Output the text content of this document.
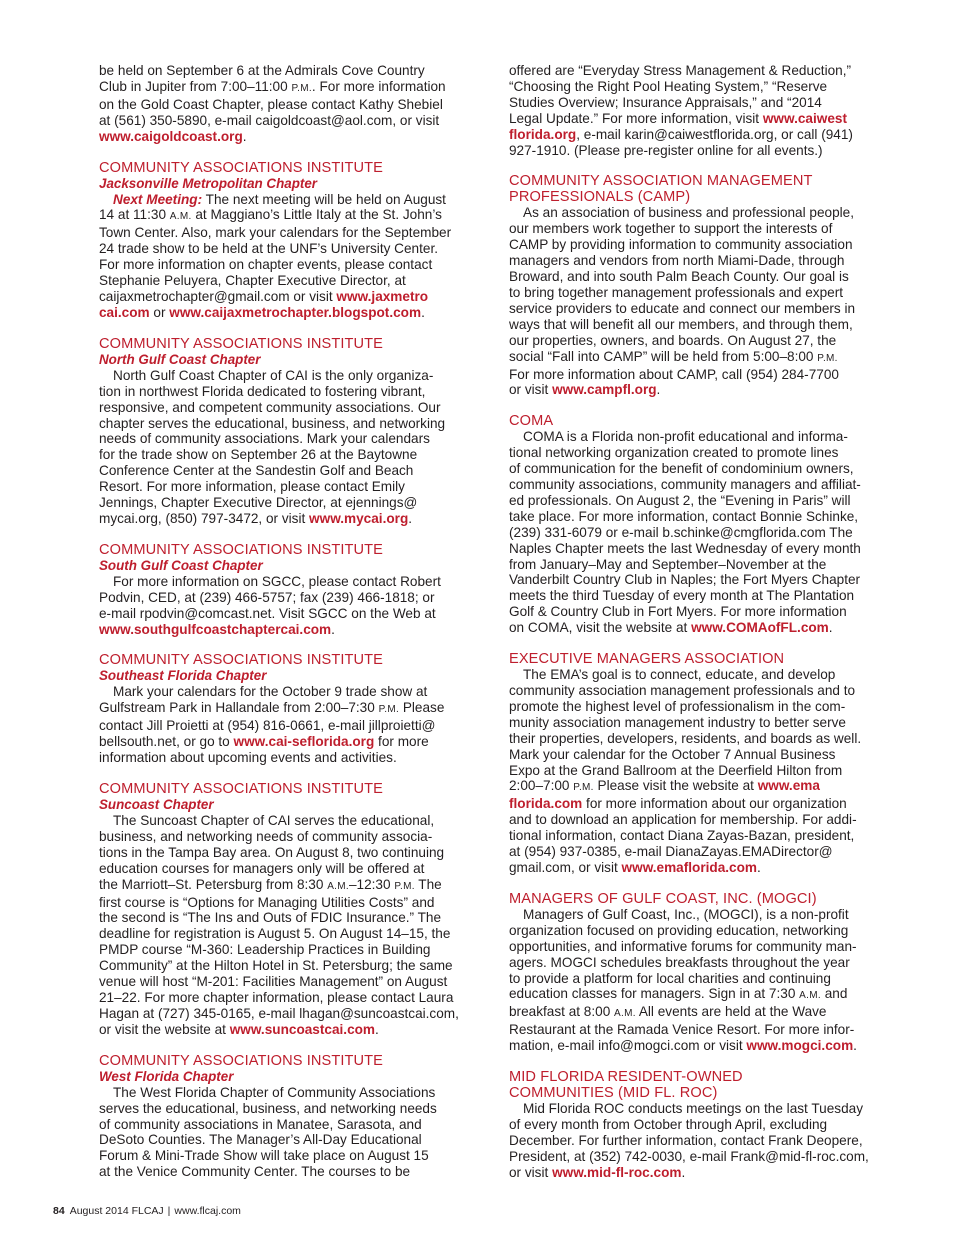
be held on September 6 at the Admirals Cove Country

Club in Jupiter from 7:00–11:00 P.M.. For more information

on the Gold Coast Chapter, please contact Kathy Shebiel

at (561) 350-5890, e-mail caigoldcoast@aol.com, or visit

www.caigoldcoast.org.

COMMUNITY ASSOCIATIONS INSTITUTE

Jacksonville Metropolitan Chapter

Next Meeting: The next meeting will be held on August

14 at 11:30 A.M. at Maggiano’s Little Italy at the St. John’s

Town Center. Also, mark your calendars for the September

24 trade show to be held at the UNF’s University Center.

For more information on chapter events, please contact

Stephanie Peluyera, Chapter Executive Director, at

caijaxmetrochapter@gmail.com or visit www.jaxmetro

cai.com or www.caijaxmetrochapter.blogspot.com.

COMMUNITY ASSOCIATIONS INSTITUTE

North Gulf Coast Chapter

North Gulf Coast Chapter of CAI is the only organiza-

tion in northwest Florida dedicated to fostering vibrant,

responsive, and competent community associations. Our

chapter serves the educational, business, and networking

needs of community associations. Mark your calendars

for the trade show on September 26 at the Baytowne

Conference Center at the Sandestin Golf and Beach

Resort. For more information, please contact Emily

Jennings, Chapter Executive Director, at ejennings@

mycai.org, (850) 797-3472, or visit www.mycai.org.

COMMUNITY ASSOCIATIONS INSTITUTE

South Gulf Coast Chapter

For more information on SGCC, please contact Robert

Podvin, CED, at (239) 466-5757; fax (239) 466-1818; or

e-mail rpodvin@comcast.net. Visit SGCC on the Web at

www.southgulfcoastchaptercai.com.

COMMUNITY ASSOCIATIONS INSTITUTE

Southeast Florida Chapter

Mark your calendars for the October 9 trade show at

Gulfstream Park in Hallandale from 2:00–7:30 P.M. Please

contact Jill Proietti at (954) 816-0661, e-mail jillproietti@

bellsouth.net, or go to www.cai-seflorida.org for more

information about upcoming events and activities.

COMMUNITY ASSOCIATIONS INSTITUTE

Suncoast Chapter

The Suncoast Chapter of CAI serves the educational,

business, and networking needs of community associa-

tions in the Tampa Bay area. On August 8, two continuing

education courses for managers only will be offered at

the Marriott–St. Petersburg from 8:30 A.M.–12:30 P.M. The

first course is “Options for Managing Utilities Costs” and

the second is “The Ins and Outs of FDIC Insurance.” The

deadline for registration is August 5. On August 14–15, the

PMDP course “M-360: Leadership Practices in Building

Community” at the Hilton Hotel in St. Petersburg; the same

venue will host “M-201: Facilities Management” on August

21–22. For more chapter information, please contact Laura

Hagan at (727) 345-0165, e-mail lhagan@suncoastcai.com,

or visit the website at www.suncoastcai.com.

COMMUNITY ASSOCIATIONS INSTITUTE

West Florida Chapter

The West Florida Chapter of Community Associations

serves the educational, business, and networking needs

of community associations in Manatee, Sarasota, and

DeSoto Counties. The Manager’s All-Day Educational

Forum & Mini-Trade Show will take place on August 15

at the Venice Community Center. The courses to be

offered are “Everyday Stress Management & Reduction,”

“Choosing the Right Pool Heating System,” “Reserve

Studies Overview; Insurance Appraisals,” and “2014

Legal Update.” For more information, visit www.caiwest

florida.org, e-mail karin@caiwestflorida.org, or call (941)

927-1910. (Please pre-register online for all events.)

COMMUNITY ASSOCIATION MANAGEMENT

PROFESSIONALS (CAMP)

As an association of business and professional people,

our members work together to support the interests of

CAMP by providing information to community association

managers and vendors from north Miami-Dade, through

Broward, and into south Palm Beach County. Our goal is

to bring together management professionals and expert

service providers to educate and connect our members in

ways that will benefit all our members, and through them,

our properties, owners, and boards. On August 27, the

social “Fall into CAMP” will be held from 5:00–8:00 P.M.

For more information about CAMP, call (954) 284-7700

or visit www.campfl.org.

COMA

COMA is a Florida non-profit educational and informa-

tional networking organization created to promote lines

of communication for the benefit of condominium owners,

community associations, community managers and affiliat-

ed professionals. On August 2, the “Evening in Paris” will

take place. For more information, contact Bonnie Schinke,

(239) 331-6079 or e-mail b.schinke@cmgflorida.com The

Naples Chapter meets the last Wednesday of every month

from January–May and September–November at the

Vanderbilt Country Club in Naples; the Fort Myers Chapter

meets the third Tuesday of every month at The Plantation

Golf & Country Club in Fort Myers. For more information

on COMA, visit the website at www.COMAofFL.com.

EXECUTIVE MANAGERS ASSOCIATION

The EMA’s goal is to connect, educate, and develop

community association management professionals and to

promote the highest level of professionalism in the com-

munity association management industry to better serve

their properties, developers, residents, and boards as well.

Mark your calendar for the October 7 Annual Business

Expo at the Grand Ballroom at the Deerfield Hilton from

2:00–7:00 P.M. Please visit the website at www.ema

florida.com for more information about our organization

and to download an application for membership. For addi-

tional information, contact Diana Zayas-Bazan, president,

at (954) 937-0385, e-mail DianaZayas.EMADirector@

gmail.com, or visit www.emaflorida.com.

MANAGERS OF GULF COAST, INC. (MOGCI)

Managers of Gulf Coast, Inc., (MOGCI), is a non-profit

organization focused on providing education, networking

opportunities, and informative forums for community man-

agers. MOGCI schedules breakfasts throughout the year

to provide a platform for local charities and continuing

education classes for managers. Sign in at 7:30 A.M. and

breakfast at 8:00 A.M. All events are held at the Wave

Restaurant at the Ramada Venice Resort. For more infor-

mation, e-mail info@mogci.com or visit www.mogci.com.

MID FLORIDA RESIDENT-OWNED

COMMUNITIES (MID FL. ROC)

Mid Florida ROC conducts meetings on the last Tuesday

of every month from October through April, excluding

December. For further information, contact Frank Deopere,

President, at (352) 742-0030, e-mail Frank@mid-fl-roc.com,

or visit www.mid-fl-roc.com.

84 August 2014 FLCAJ | www.flcaj.com
